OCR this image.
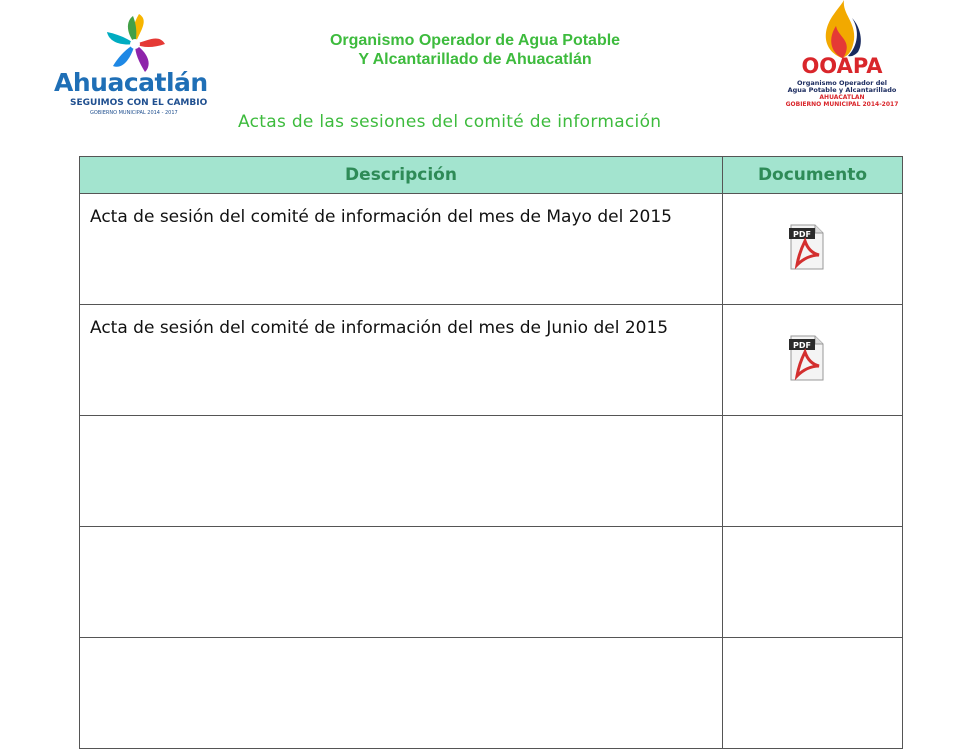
Ahuacatlán
SEGUIMOS CON EL CAMBIO
GOBIERNO MUNICIPAL 2014 - 2017
Organismo Operador de Agua Potable
Y Alcantarillado de Ahuacatlán	OOAPA
Organismo Operador del
Agua Potable y Alcantarillado
AHUACATLAN
GOBIERNO MUNICIPAL 2014-2017
Actas de las sesiones del comité de información
Descripción	Documento
Acta de sesión del comité de información del mes de Mayo del 2015	PDF

Acta de sesión del comité de información del mes de Junio del 2015	PDF
